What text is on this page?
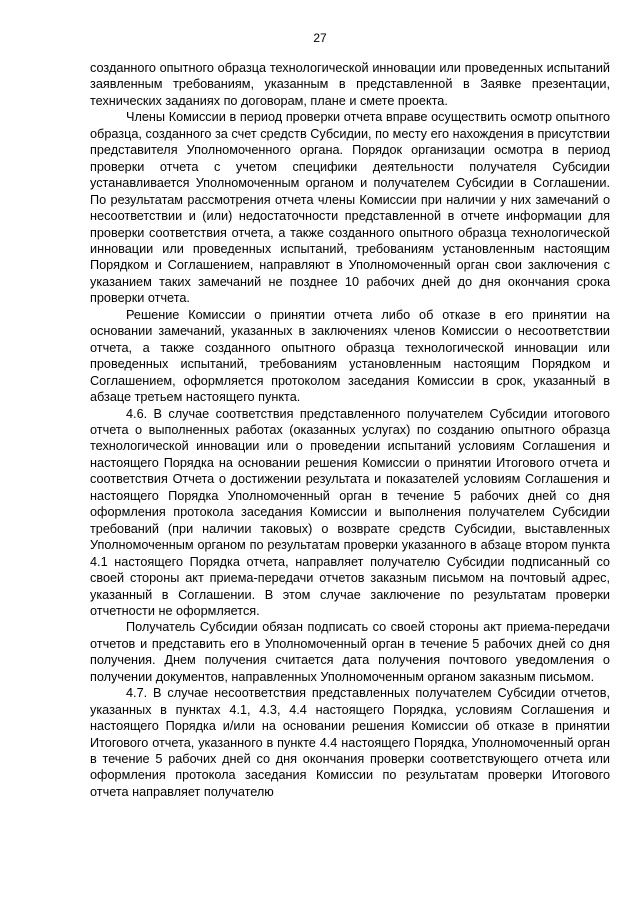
27

созданного опытного образца технологической инновации или проведенных испытаний заявленным требованиям, указанным в представленной в Заявке презентации, технических заданиях по договорам, плане и смете проекта.

Члены Комиссии в период проверки отчета вправе осуществить осмотр опытного образца, созданного за счет средств Субсидии, по месту его нахождения в присутствии представителя Уполномоченного органа. Порядок организации осмотра в период проверки отчета с учетом специфики деятельности получателя Субсидии устанавливается Уполномоченным органом и получателем Субсидии в Соглашении. По результатам рассмотрения отчета члены Комиссии при наличии у них замечаний о несоответствии и (или) недостаточности представленной в отчете информации для проверки соответствия отчета, а также созданного опытного образца технологической инновации или проведенных испытаний, требованиям установленным настоящим Порядком и Соглашением, направляют в Уполномоченный орган свои заключения с указанием таких замечаний не позднее 10 рабочих дней до дня окончания срока проверки отчета.

Решение Комиссии о принятии отчета либо об отказе в его принятии на основании замечаний, указанных в заключениях членов Комиссии о несоответствии отчета, а также созданного опытного образца технологической инновации или проведенных испытаний, требованиям установленным настоящим Порядком и Соглашением, оформляется протоколом заседания Комиссии в срок, указанный в абзаце третьем настоящего пункта.

4.6. В случае соответствия представленного получателем Субсидии итогового отчета о выполненных работах (оказанных услугах) по созданию опытного образца технологической инновации или о проведении испытаний условиям Соглашения и настоящего Порядка на основании решения Комиссии о принятии Итогового отчета и соответствия Отчета о достижении результата и показателей условиям Соглашения и настоящего Порядка Уполномоченный орган в течение 5 рабочих дней со дня оформления протокола заседания Комиссии и выполнения получателем Субсидии требований (при наличии таковых) о возврате средств Субсидии, выставленных Уполномоченным органом по результатам проверки указанного в абзаце втором пункта 4.1 настоящего Порядка отчета, направляет получателю Субсидии подписанный со своей стороны акт приема-передачи отчетов заказным письмом на почтовый адрес, указанный в Соглашении. В этом случае заключение по результатам проверки отчетности не оформляется.

Получатель Субсидии обязан подписать со своей стороны акт приема-передачи отчетов и представить его в Уполномоченный орган в течение 5 рабочих дней со дня получения. Днем получения считается дата получения почтового уведомления о получении документов, направленных Уполномоченным органом заказным письмом.

4.7. В случае несоответствия представленных получателем Субсидии отчетов, указанных в пунктах 4.1, 4.3, 4.4 настоящего Порядка, условиям Соглашения и настоящего Порядка и/или на основании решения Комиссии об отказе в принятии Итогового отчета, указанного в пункте 4.4 настоящего Порядка, Уполномоченный орган в течение 5 рабочих дней со дня окончания проверки соответствующего отчета или оформления протокола заседания Комиссии по результатам проверки Итогового отчета направляет получателю
